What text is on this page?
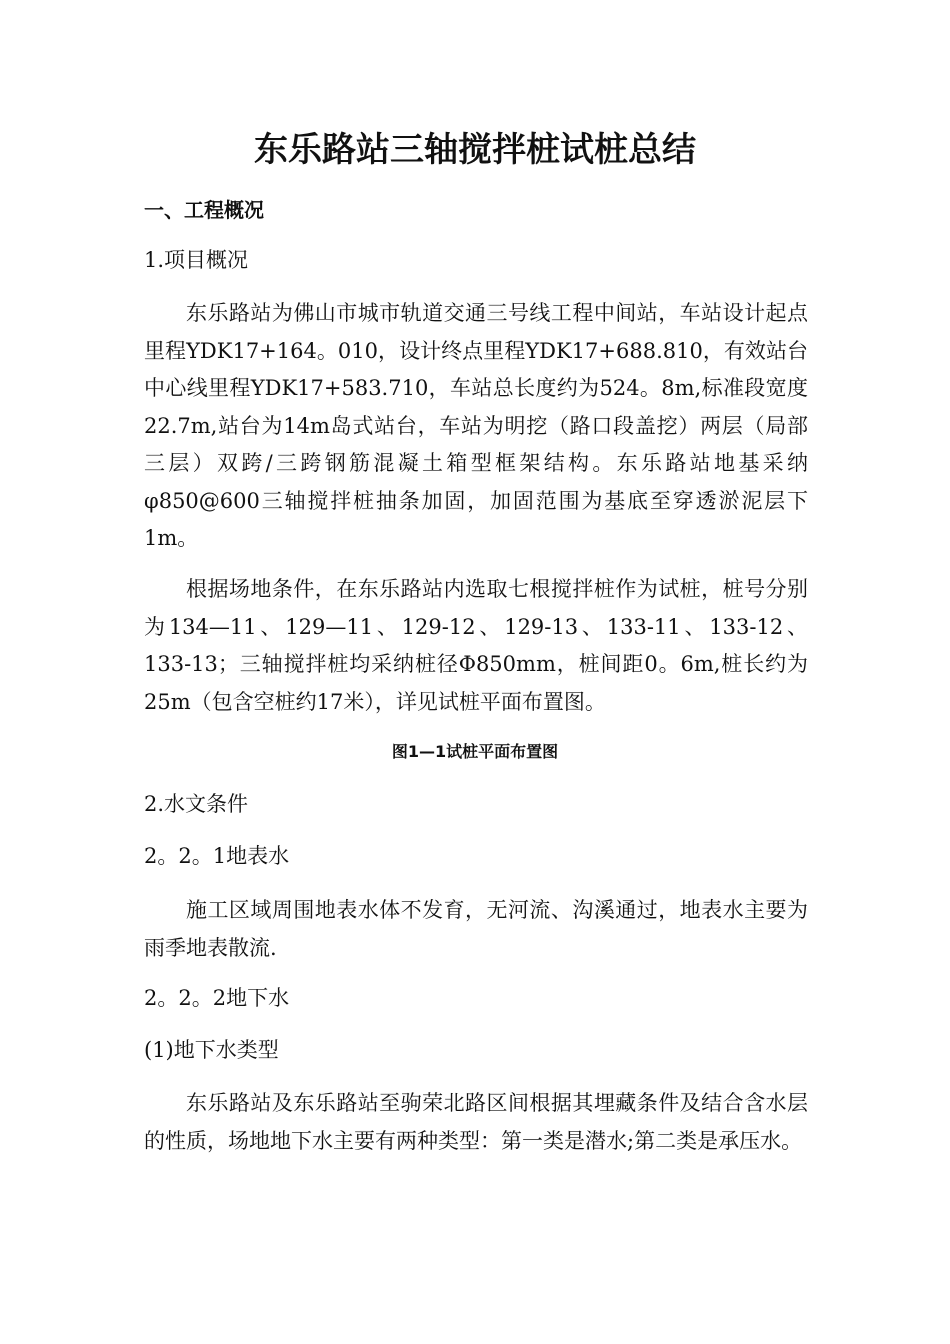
东乐路站三轴搅拌桩试桩总结

一、工程概况

1.项目概况

东乐路站为佛山市城市轨道交通三号线工程中间站，车站设计起点里程YDK17+164。010，设计终点里程YDK17+688.810，有效站台中心线里程YDK17+583.710，车站总长度约为524。8m,标准段宽度22.7m,站台为14m岛式站台，车站为明挖（路口段盖挖）两层（局部三层）双跨/三跨钢筋混凝土箱型框架结构。东乐路站地基采纳φ850@600三轴搅拌桩抽条加固，加固范围为基底至穿透淤泥层下1m。

根据场地条件，在东乐路站内选取七根搅拌桩作为试桩，桩号分别为134—11、129—11、129-12、129-13、133-11、133-12、133-13；三轴搅拌桩均采纳桩径Φ850mm，桩间距0。6m,桩长约为25m（包含空桩约17米），详见试桩平面布置图。

图1—1试桩平面布置图

2.水文条件

2。2。1地表水

施工区域周围地表水体不发育，无河流、沟溪通过，地表水主要为雨季地表散流.

2。2。2地下水

(1)地下水类型

东乐路站及东乐路站至驹荣北路区间根据其埋藏条件及结合含水层的性质，场地地下水主要有两种类型：第一类是潜水;第二类是承压水。
